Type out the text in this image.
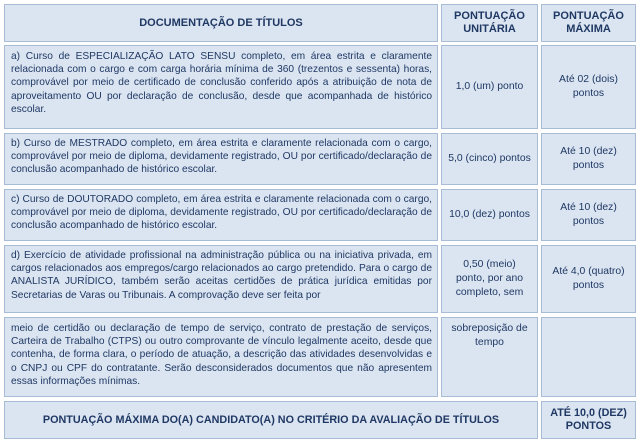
DOCUMENTAÇÃO DE TÍTULOS
PONTUAÇÃO UNITÁRIA
PONTUAÇÃO MÁXIMA
a) Curso de ESPECIALIZAÇÃO LATO SENSU completo, em área estrita e claramente relacionada com o cargo e com carga horária mínima de 360 (trezentos e sessenta) horas, comprovável por meio de certificado de conclusão conferido após a atribuição de nota de aproveitamento OU por declaração de conclusão, desde que acompanhada de histórico escolar.
1,0 (um) ponto
Até 02 (dois) pontos
b) Curso de MESTRADO completo, em área estrita e claramente relacionada com o cargo, comprovável por meio de diploma, devidamente registrado, OU por certificado/declaração de conclusão acompanhado de histórico escolar.
5,0 (cinco) pontos
Até 10 (dez) pontos
c) Curso de DOUTORADO completo, em área estrita e claramente relacionada com o cargo, comprovável por meio de diploma, devidamente registrado, OU por certificado/declaração de conclusão acompanhado de histórico escolar.
10,0 (dez) pontos
Até 10 (dez) pontos
d) Exercício de atividade profissional na administração pública ou na iniciativa privada, em cargos relacionados aos empregos/cargo relacionados ao cargo pretendido. Para o cargo de ANALISTA JURÍDICO, também serão aceitas certidões de prática jurídica emitidas por Secretarias de Varas ou Tribunais. A comprovação deve ser feita por
0,50 (meio) ponto, por ano completo, sem
Até 4,0 (quatro) pontos
meio de certidão ou declaração de tempo de serviço, contrato de prestação de serviços, Carteira de Trabalho (CTPS) ou outro comprovante de vínculo legalmente aceito, desde que contenha, de forma clara, o período de atuação, a descrição das atividades desenvolvidas e o CNPJ ou CPF do contratante. Serão desconsiderados documentos que não apresentem essas informações mínimas.
sobreposição de tempo
PONTUAÇÃO MÁXIMA DO(A) CANDIDATO(A) NO CRITÉRIO DA AVALIAÇÃO DE TÍTULOS
ATÉ 10,0 (DEZ) PONTOS
